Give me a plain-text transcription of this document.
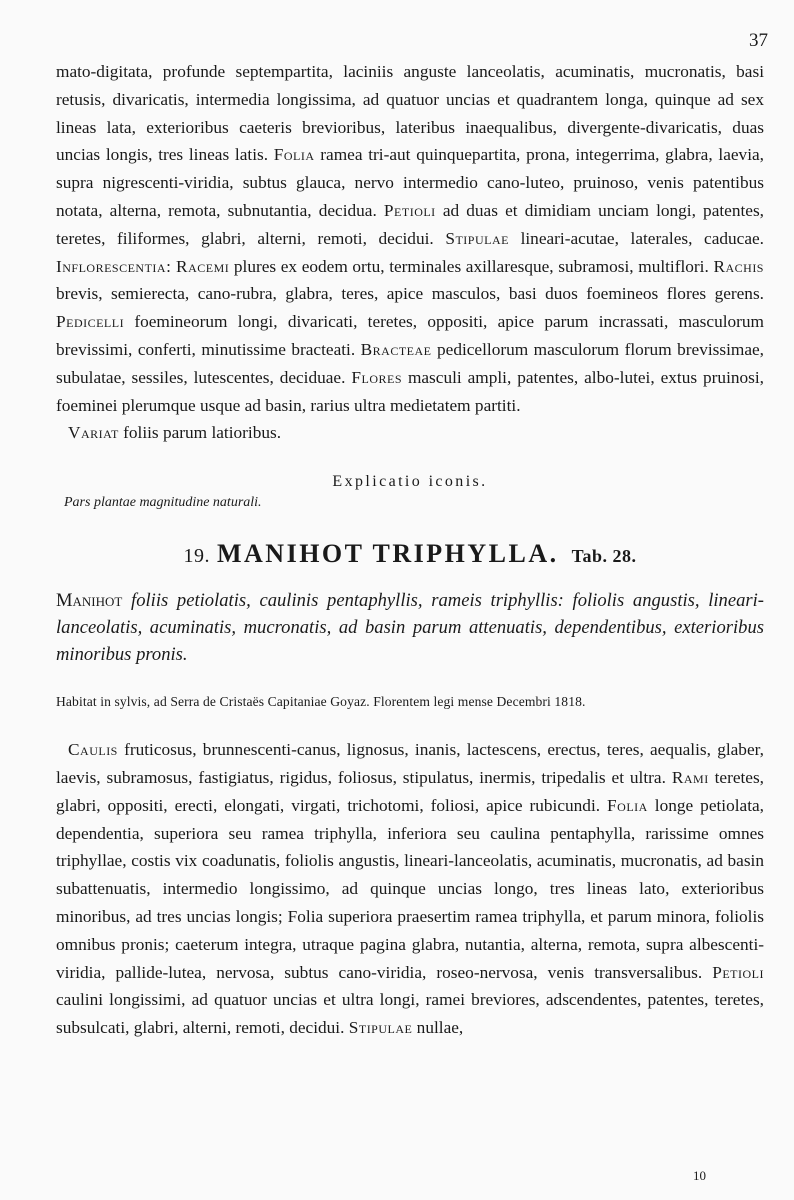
37

mato-digitata, profunde septempartita, laciniis anguste lanceolatis, acuminatis, mucronatis, basi retusis, divaricatis, intermedia longissima, ad quatuor uncias et quadrantem longa, quinque ad sex lineas lata, exterioribus caeteris brevioribus, lateribus inaequalibus, divergente-divaricatis, duas uncias longis, tres lineas latis. Folia ramea tri-aut quinquepartita, prona, integerrima, glabra, laevia, supra nigrescenti-viridia, subtus glauca, nervo intermedio cano-luteo, pruinoso, venis patentibus notata, alterna, remota, subnutantia, decidua. Petioli ad duas et dimidiam unciam longi, patentes, teretes, filiformes, glabri, alterni, remoti, decidui. Stipulae lineari-acutae, laterales, caducae. Inflorescentia: Racemi plures ex eodem ortu, terminales axillaresque, subramosi, multiflori. Rachis brevis, semierecta, cano-rubra, glabra, teres, apice masculos, basi duos foemineos flores gerens. Pedicelli foemineorum longi, divaricati, teretes, oppositi, apice parum incrassati, masculorum brevissimi, conferti, minutissime bracteati. Bracteae pedicellorum masculorum florum brevissimae, subulatae, sessiles, lutescentes, deciduae. Flores masculi ampli, patentes, albo-lutei, extus pruinosi, foeminei plerumque usque ad basin, rarius ultra medietatem partiti.

Variat foliis parum latioribus.

Explicatio iconis.
Pars plantae magnitudine naturali.
19. MANIHOT TRIPHYLLA. Tab. 28.
Manihot foliis petiolatis, caulinis pentaphyllis, rameis triphyllis: foliolis angustis, lineari-lanceolatis, acuminatis, mucronatis, ad basin parum attenuatis, dependentibus, exterioribus minoribus pronis.
Habitat in sylvis, ad Serra de Cristaës Capitaniae Goyaz. Florentem legi mense Decembri 1818.

Caulis fruticosus, brunnescenti-canus, lignosus, inanis, lactescens, erectus, teres, aequalis, glaber, laevis, subramosus, fastigiatus, rigidus, foliosus, stipulatus, inermis, tripedalis et ultra. Rami teretes, glabri, oppositi, erecti, elongati, virgati, trichotomi, foliosi, apice rubicundi. Folia longe petiolata, dependentia, superiora seu ramea triphylla, inferiora seu caulina pentaphylla, rarissime omnes triphyllae, costis vix coadunatis, foliolis angustis, lineari-lanceolatis, acuminatis, mucronatis, ad basin subattenuatis, intermedio longissimo, ad quinque uncias longo, tres lineas lato, exterioribus minoribus, ad tres uncias longis; Folia superiora praesertim ramea triphylla, et parum minora, foliolis omnibus pronis; caeterum integra, utraque pagina glabra, nutantia, alterna, remota, supra albescenti-viridia, pallide-lutea, nervosa, subtus cano-viridia, roseo-nervosa, venis transversalibus. Petioli caulini longissimi, ad quatuor uncias et ultra longi, ramei breviores, adscendentes, patentes, teretes, subsulcati, glabri, alterni, remoti, decidui. Stipulae nullae,

10
